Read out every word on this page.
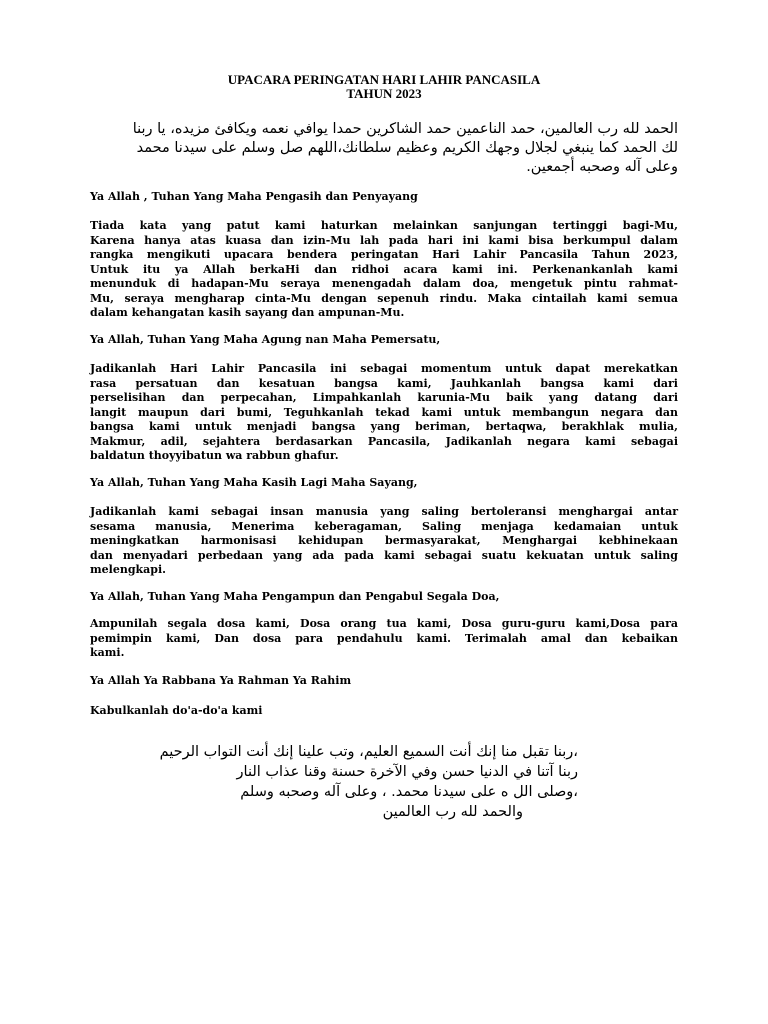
UPACARA PERINGATAN HARI LAHIR PANCASILA
TAHUN 2023
الحمد لله رب العالمين، حمد الناعمين حمد الشاكرين حمدا يوافي نعمه ويكافئ مزيده، يا ربنا
لك الحمد كما ينبغي لجلال وجهك الكريم وعظيم سلطانك،اللهم صل وسلم على سيدنا محمد
وعلى آله وصحبه أجمعين.
Ya Allah , Tuhan Yang Maha Pengasih dan Penyayang
Tiada kata yang patut kami haturkan melainkan sanjungan tertinggi bagi-Mu,
Karena hanya atas kuasa dan izin-Mu lah pada hari ini kami bisa berkumpul dalam
rangka mengikuti upacara bendera peringatan Hari Lahir Pancasila Tahun 2023,
Untuk itu ya Allah berkaHi dan ridhoi acara kami ini. Perkenankanlah kami
menunduk di hadapan-Mu seraya menengadah dalam doa, mengetuk pintu rahmat-
Mu, seraya mengharap cinta-Mu dengan sepenuh rindu. Maka cintailah kami semua
dalam kehangatan kasih sayang dan ampunan-Mu.
Ya Allah, Tuhan Yang Maha Agung nan Maha Pemersatu,
Jadikanlah Hari Lahir Pancasila ini sebagai momentum untuk dapat merekatkan
rasa persatuan dan kesatuan bangsa kami, Jauhkanlah bangsa kami dari
perselisihan dan perpecahan, Limpahkanlah karunia-Mu baik yang datang dari
langit maupun dari bumi, Teguhkanlah tekad kami untuk membangun negara dan
bangsa kami untuk menjadi bangsa yang beriman, bertaqwa, berakhlak mulia,
Makmur, adil, sejahtera berdasarkan Pancasila, Jadikanlah negara kami sebagai
baldatun thoyyibatun wa rabbun ghafur.
Ya Allah, Tuhan Yang Maha Kasih Lagi Maha Sayang,
Jadikanlah kami sebagai insan manusia yang saling bertoleransi menghargai antar
sesama manusia, Menerima keberagaman, Saling menjaga kedamaian untuk
meningkatkan harmonisasi kehidupan bermasyarakat, Menghargai kebhinekaan
dan menyadari perbedaan yang ada pada kami sebagai suatu kekuatan untuk saling
melengkapi.
Ya Allah, Tuhan Yang Maha Pengampun dan Pengabul Segala Doa,
Ampunilah segala dosa kami, Dosa orang tua kami, Dosa guru-guru kami,Dosa para
pemimpin kami, Dan dosa para pendahulu kami. Terimalah amal dan kebaikan
kami.
Ya Allah Ya Rabbana Ya Rahman Ya Rahim
Kabulkanlah do'a-do'a kami
،ربنا تقبل منا إنك أنت السميع العليم، وتب علينا إنك أنت التواب الرحيم
ربنا آتنا في الدنيا حسن وفي الآخرة حسنة وقنا عذاب النار
،وصلى الل ه على سيدنا محمد. ، وعلى آله وصحبه وسلم
والحمد لله رب العالمين
